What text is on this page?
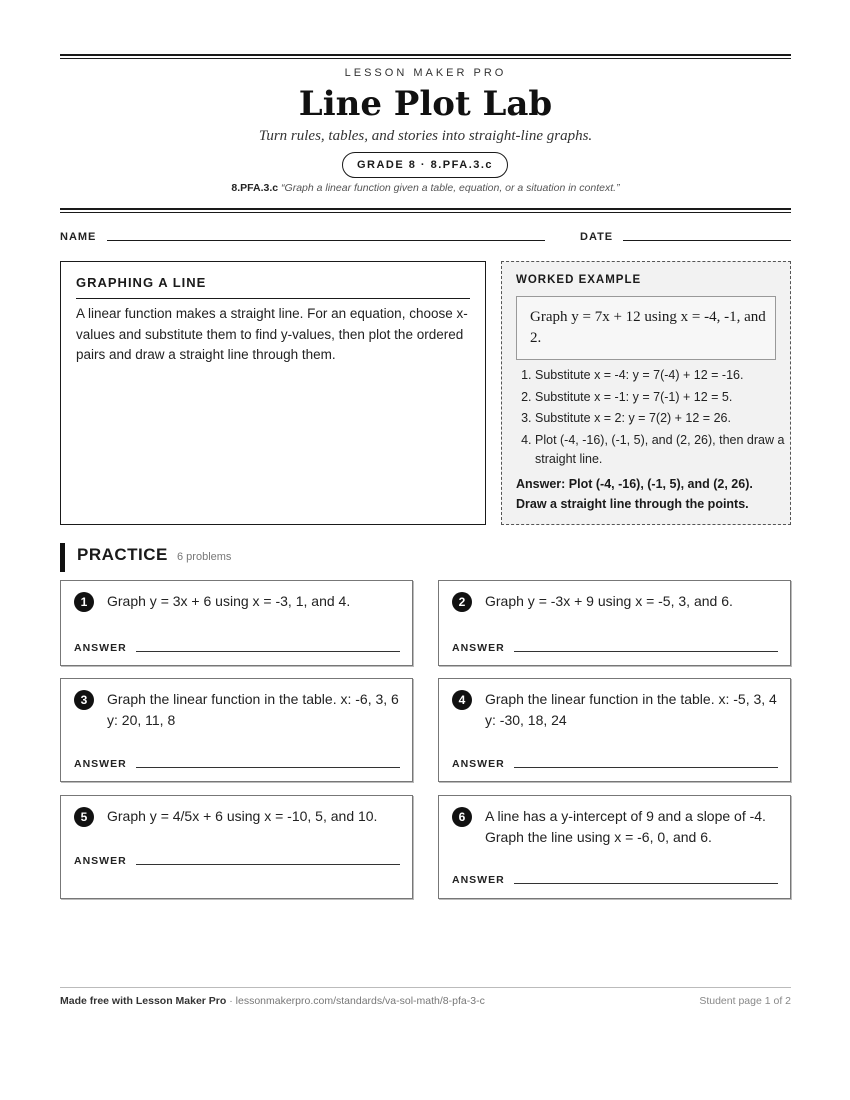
LESSON MAKER PRO
Line Plot Lab
Turn rules, tables, and stories into straight-line graphs.
GRADE 8 · 8.PFA.3.c
8.PFA.3.c “Graph a linear function given a table, equation, or a situation in context.”
NAME	DATE
GRAPHING A LINE
A linear function makes a straight line. For an equation, choose x-values and substitute them to find y-values, then plot the ordered pairs and draw a straight line through them.
WORKED EXAMPLE
Graph y = 7x + 12 using x = -4, -1, and 2.
1. Substitute x = -4: y = 7(-4) + 12 = -16.
2. Substitute x = -1: y = 7(-1) + 12 = 5.
3. Substitute x = 2: y = 7(2) + 12 = 26.
4. Plot (-4, -16), (-1, 5), and (2, 26), then draw a straight line.
Answer: Plot (-4, -16), (-1, 5), and (2, 26). Draw a straight line through the points.
PRACTICE 6 problems
1	Graph y = 3x + 6 using x = -3, 1, and 4.
ANSWER
2	Graph y = -3x + 9 using x = -5, 3, and 6.
ANSWER
3	Graph the linear function in the table. x: -6, 3, 6 y: 20, 11, 8
ANSWER
4	Graph the linear function in the table. x: -5, 3, 4 y: -30, 18, 24
ANSWER
5	Graph y = 4/5x + 6 using x = -10, 5, and 10.
ANSWER
6	A line has a y-intercept of 9 and a slope of -4. Graph the line using x = -6, 0, and 6.
ANSWER
Made free with Lesson Maker Pro · lessonmakerpro.com/standards/va-sol-math/8-pfa-3-c	Student page 1 of 2
